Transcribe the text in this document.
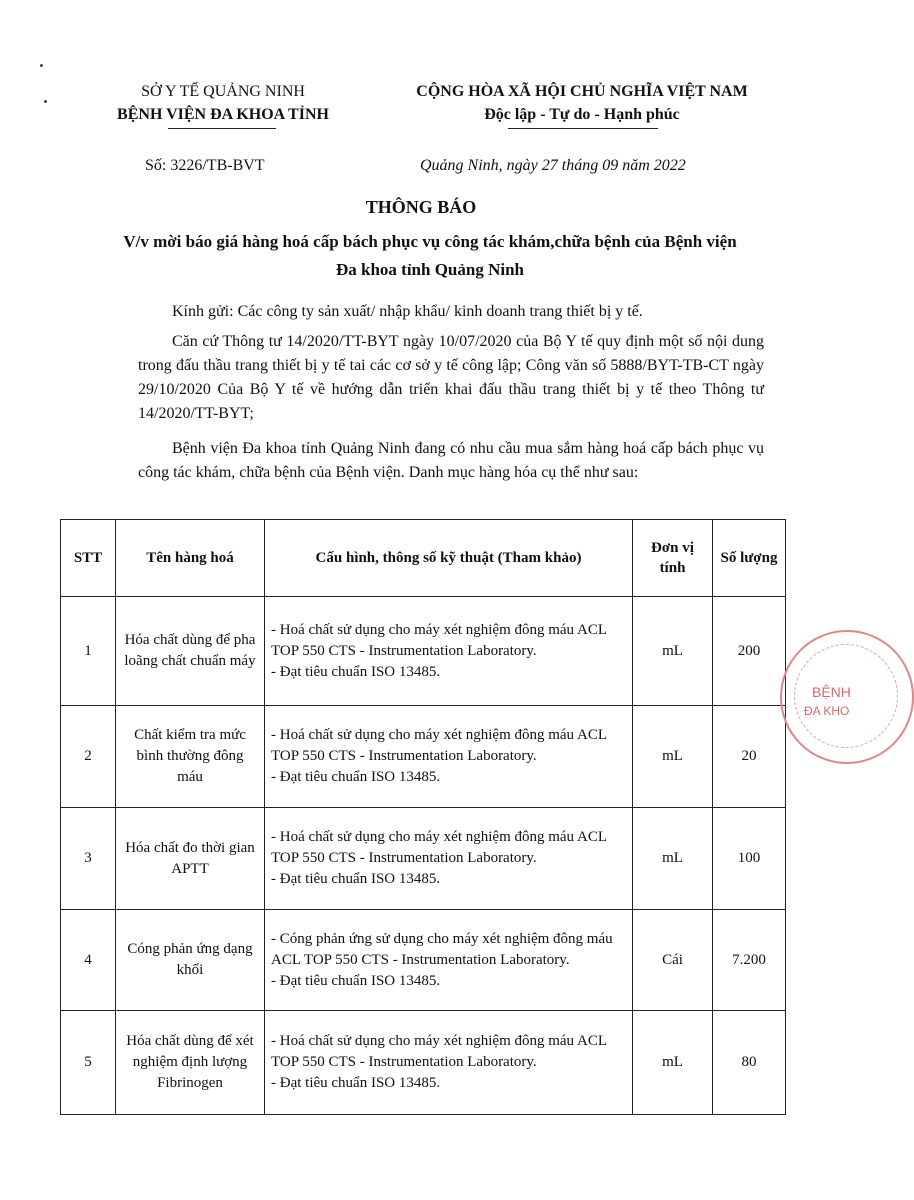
SỞ Y TẾ QUẢNG NINH
BỆNH VIỆN ĐA KHOA TỈNH
CỘNG HÒA XÃ HỘI CHỦ NGHĨA VIỆT NAM
Độc lập - Tự do - Hạnh phúc
Số: 3226/TB-BVT	Quảng Ninh, ngày 27 tháng 09 năm 2022
THÔNG BÁO
V/v mời báo giá hàng hoá cấp bách phục vụ công tác khám,chữa bệnh của Bệnh viện Đa khoa tỉnh Quảng Ninh
Kính gửi: Các công ty sản xuất/ nhập khẩu/ kinh doanh trang thiết bị y tế.
Căn cứ Thông tư 14/2020/TT-BYT ngày 10/07/2020 của Bộ Y tế quy định một số nội dung trong đấu thầu trang thiết bị y tế tai các cơ sở y tế công lập; Công văn số 5888/BYT-TB-CT ngày 29/10/2020 Của Bộ Y tế về hướng dẫn triển khai đấu thầu trang thiết bị y tế theo Thông tư 14/2020/TT-BYT;
Bệnh viện Đa khoa tỉnh Quảng Ninh đang có nhu cầu mua sắm hàng hoá cấp bách phục vụ công tác khám, chữa bệnh của Bệnh viện. Danh mục hàng hóa cụ thể như sau:
STT	Tên hàng hoá	Cấu hình, thông số kỹ thuật (Tham khảo)	Đơn vị tính	Số lượng
1	Hóa chất dùng để pha loãng chất chuẩn máy	- Hoá chất sử dụng cho máy xét nghiệm đông máu ACL TOP 550 CTS - Instrumentation Laboratory.
- Đạt tiêu chuẩn ISO 13485.	mL	200
2	Chất kiểm tra mức bình thường đông máu	- Hoá chất sử dụng cho máy xét nghiệm đông máu ACL TOP 550 CTS - Instrumentation Laboratory.
- Đạt tiêu chuẩn ISO 13485.	mL	20
3	Hóa chất đo thời gian APTT	- Hoá chất sử dụng cho máy xét nghiệm đông máu ACL TOP 550 CTS - Instrumentation Laboratory.
- Đạt tiêu chuẩn ISO 13485.	mL	100
4	Cóng phản ứng dạng khối	- Cóng phản ứng sử dụng cho máy xét nghiệm đông máu ACL TOP 550 CTS - Instrumentation Laboratory.
- Đạt tiêu chuẩn ISO 13485.	Cái	7.200
5	Hóa chất dùng để xét nghiệm định lượng Fibrinogen	- Hoá chất sử dụng cho máy xét nghiệm đông máu ACL TOP 550 CTS - Instrumentation Laboratory.
- Đạt tiêu chuẩn ISO 13485.	mL	80
BỆNH
ĐA KHO
